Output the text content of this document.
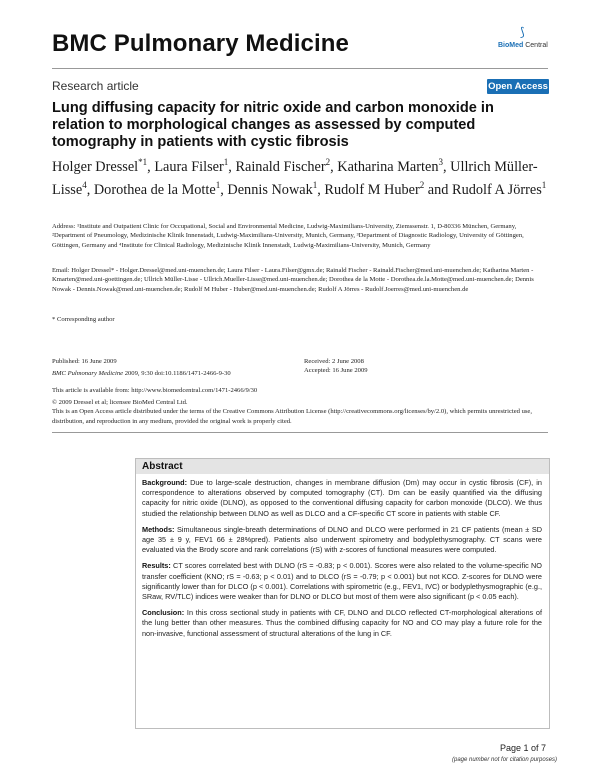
BMC Pulmonary Medicine	⟆
BioMed Central
Research article	Open Access
Lung diffusing capacity for nitric oxide and carbon monoxide in relation to morphological changes as assessed by computed tomography in patients with cystic fibrosis
Holger Dressel$^{*1}$, Laura Filser$^1$, Rainald Fischer$^2$, Katharina Marten$^3$, Ullrich Müller-Lisse$^4$, Dorothea de la Motte$^1$, Dennis Nowak$^1$, Rudolf M Huber$^2$ and Rudolf A Jörres$^1$
Address: ¹Institute and Outpatient Clinic for Occupational, Social and Environmental Medicine, Ludwig-Maximilians-University, Ziemssenstr. 1, D-80336 München, Germany, ²Department of Pneumology, Medizinische Klinik Innenstadt, Ludwig-Maximilians-University, Munich, Germany, ³Department of Diagnostic Radiology, University of Göttingen, Göttingen, Germany and ⁴Institute for Clinical Radiology, Medizinische Klinik Innenstadt, Ludwig-Maximilians-University, Munich, Germany
Email: Holger Dressel* - Holger.Dressel@med.uni-muenchen.de; Laura Filser - Laura.Filser@gmx.de; Rainald Fischer - Rainald.Fischer@med.uni-muenchen.de; Katharina Marten - Kmarten@med.uni-goettingen.de; Ullrich Müller-Lisse - Ullrich.Mueller-Lisse@med.uni-muenchen.de; Dorothea de la Motte - Dorothea.de.la.Motte@med.uni-muenchen.de; Dennis Nowak - Dennis.Nowak@med.uni-muenchen.de; Rudolf M Huber - Huber@med.uni-muenchen.de; Rudolf A Jörres - Rudolf.Joerres@med.uni-muenchen.de
* Corresponding author
Published: 16 June 2009
BMC Pulmonary Medicine 2009, 9:30 doi:10.1186/1471-2466-9-30
Received: 2 June 2008
Accepted: 16 June 2009
This article is available from: http://www.biomedcentral.com/1471-2466/9/30
© 2009 Dressel et al; licensee BioMed Central Ltd.
This is an Open Access article distributed under the terms of the Creative Commons Attribution License (http://creativecommons.org/licenses/by/2.0), which permits unrestricted use, distribution, and reproduction in any medium, provided the original work is properly cited.
Abstract

Background: Due to large-scale destruction, changes in membrane diffusion (Dm) may occur in cystic fibrosis (CF), in correspondence to alterations observed by computed tomography (CT). Dm can be easily quantified via the diffusing capacity for nitric oxide (DLNO), as opposed to the conventional diffusing capacity for carbon monoxide (DLCO). We thus studied the relationship between DLNO as well as DLCO and a CF-specific CT score in patients with stable CF.

Methods: Simultaneous single-breath determinations of DLNO and DLCO were performed in 21 CF patients (mean ± SD age 35 ± 9 y, FEV1 66 ± 28%pred). Patients also underwent spirometry and bodyplethysmography. CT scans were evaluated via the Brody score and rank correlations (rS) with z-scores of functional measures were computed.

Results: CT scores correlated best with DLNO (rS = -0.83; p < 0.001). Scores were also related to the volume-specific NO transfer coefficient (KNO; rS = -0.63; p < 0.01) and to DLCO (rS = -0.79; p < 0.001) but not KCO. Z-scores for DLNO were significantly lower than for DLCO (p < 0.001). Correlations with spirometric (e.g., FEV1, IVC) or bodyplethysmographic (e.g., SRaw, RV/TLC) indices were weaker than for DLNO or DLCO but most of them were also significant (p < 0.05 each).

Conclusion: In this cross sectional study in patients with CF, DLNO and DLCO reflected CT-morphological alterations of the lung better than other measures. Thus the combined diffusing capacity for NO and CO may play a future role for the non-invasive, functional assessment of structural alterations of the lung in CF.

Page 1 of 7
(page number not for citation purposes)
